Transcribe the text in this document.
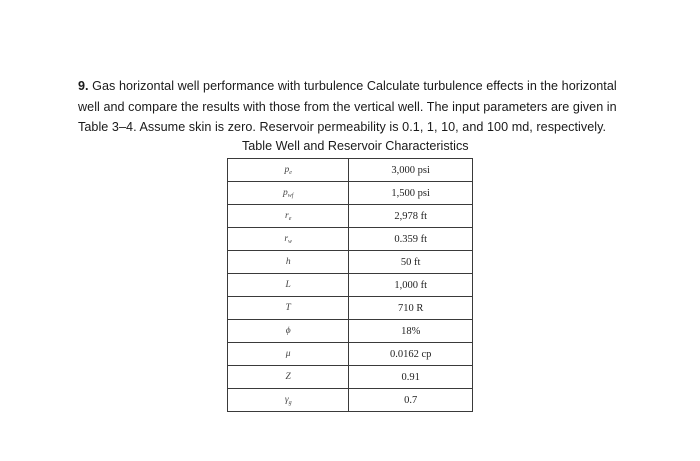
9. Gas horizontal well performance with turbulence Calculate turbulence effects in the horizontal well and compare the results with those from the vertical well. The input parameters are given in Table 3–4. Assume skin is zero. Reservoir permeability is 0.1, 1, 10, and 100 md, respectively.
Table Well and Reservoir Characteristics
$p_e$	3,000 psi
$p_{wf}$	1,500 psi
$r_e$	2,978 ft
$r_w$	0.359 ft
h	50 ft
L	1,000 ft
T	710 R
ϕ	18%
μ	0.0162 cp
Z	0.91
$\gamma_g$	0.7
